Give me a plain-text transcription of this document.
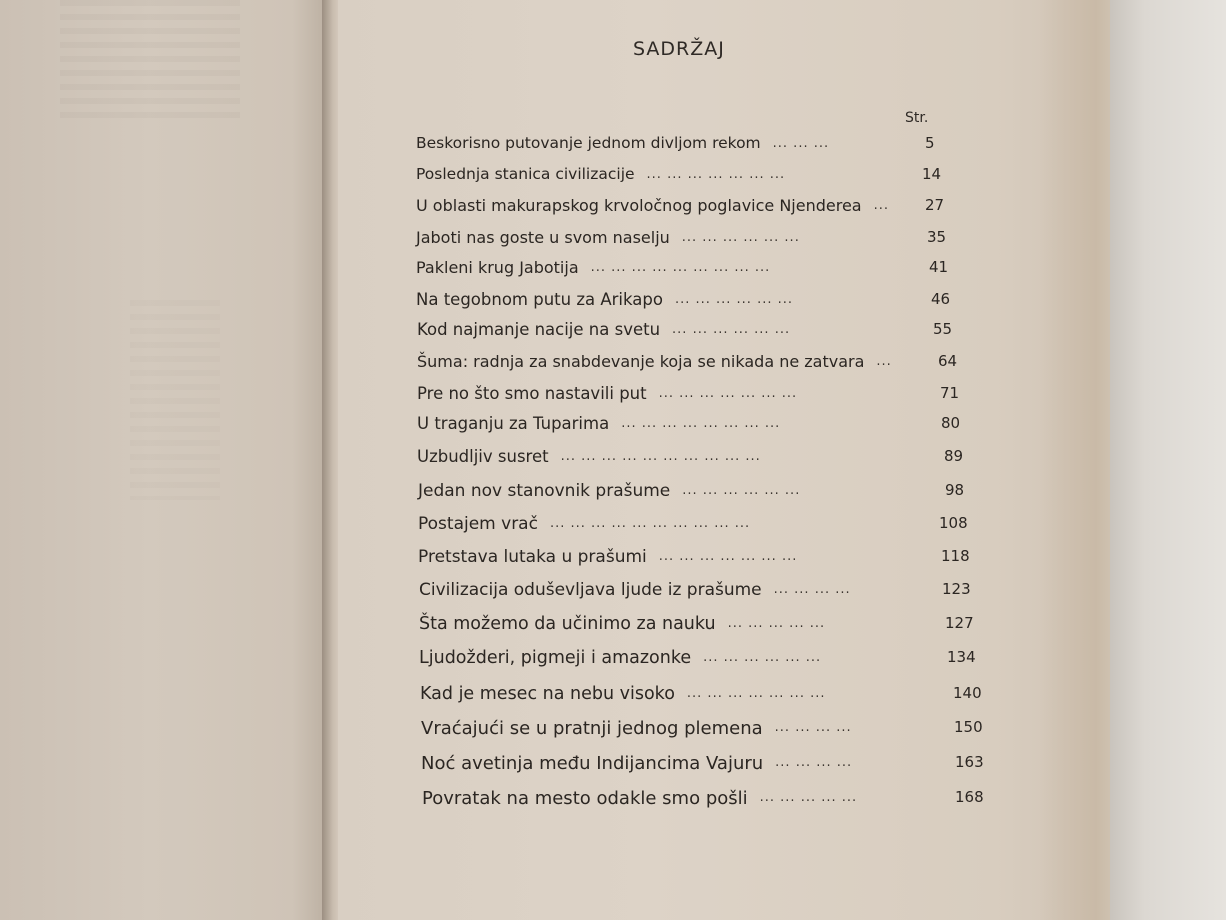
SADRŽAJ
Str.
Beskorisno putovanje jednom divljom rekom	5
... ... ...
Poslednja stanica civilizacije	14
... ... ... ... ... ... ...
U oblasti makurapskog krvoločnog poglavice Njenderea	27
...
Jaboti nas goste u svom naselju	35
... ... ... ... ... ...
Pakleni krug Jabotija	41
... ... ... ... ... ... ... ... ...
Na tegobnom putu za Arikapo	46
... ... ... ... ... ...
Kod najmanje nacije na svetu	55
... ... ... ... ... ...
Šuma: radnja za snabdevanje koja se nikada ne zatvara	64
...
Pre no što smo nastavili put	71
... ... ... ... ... ... ...
U traganju za Tuparima	80
... ... ... ... ... ... ... ...
Uzbudljiv susret	89
... ... ... ... ... ... ... ... ... ...
Jedan nov stanovnik prašume	98
... ... ... ... ... ...
Postajem vrač	108
... ... ... ... ... ... ... ... ... ...
Pretstava lutaka u prašumi	118
... ... ... ... ... ... ...
Civilizacija oduševljava ljude iz prašume	123
... ... ... ...
Šta možemo da učinimo za nauku	127
... ... ... ... ...
Ljudožderi, pigmeji i amazonke	134
... ... ... ... ... ...
Kad je mesec na nebu visoko	140
... ... ... ... ... ... ...
Vraćajući se u pratnji jednog plemena	150
... ... ... ...
Noć avetinja među Indijancima Vajuru	163
... ... ... ...
Povratak na mesto odakle smo pošli	168
... ... ... ... ...
